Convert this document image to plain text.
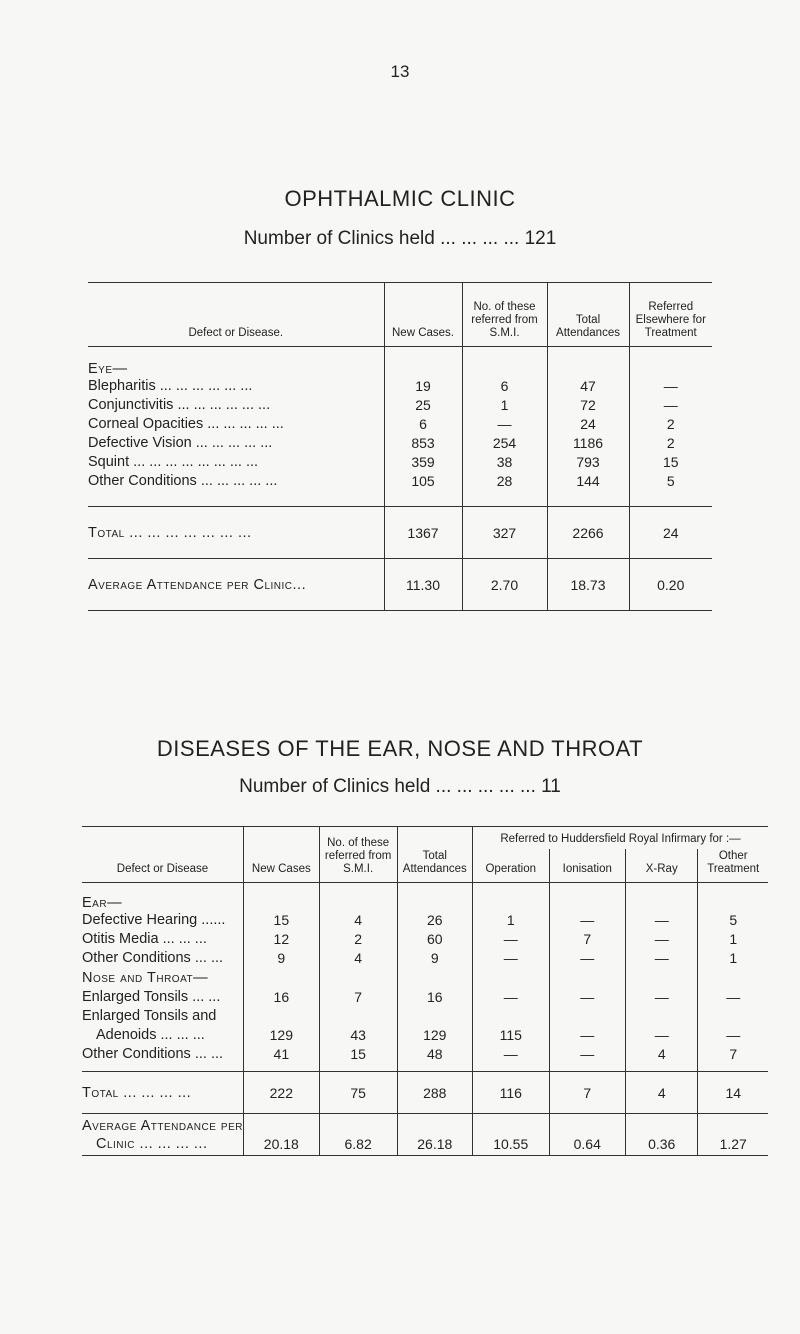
13
OPHTHALMIC CLINIC
Number of Clinics held ... ... ... ... 121
Defect or Disease.	New Cases.	No. of these referred from S.M.I.	Total Attendances	Referred Elsewhere for Treatment
Eye—				
Blepharitis ... ... ... ... ... ...	19	6	47	—
Conjunctivitis ... ... ... ... ... ...	25	1	72	—
Corneal Opacities ... ... ... ... ...	6	—	24	2
Defective Vision ... ... ... ... ...	853	254	1186	2
Squint ... ... ... ... ... ... ... ...	359	38	793	15
Other Conditions ... ... ... ... ...	105	28	144	5

Total ... ... ... ... ... ... ...	1367	327	2266	24
Average Attendance per Clinic...	11.30	2.70	18.73	0.20
DISEASES OF THE EAR, NOSE AND THROAT
Number of Clinics held ... ... ... ... ... 11
Defect or Disease	New Cases	No. of these referred from S.M.I.	Total Attendances	Referred to Huddersfield Royal Infirmary for :—			
				Operation	Ionisation	X-Ray	Other Treatment
Ear—							
Defective Hearing ......	15	4	26	1	—	—	5
Otitis Media ... ... ...	12	2	60	—	7	—	1
Other Conditions ... ...	9	4	9	—	—	—	1
Nose and Throat—							
Enlarged Tonsils ... ...	16	7	16	—	—	—	—
Enlarged Tonsils and							
Adenoids ... ... ...	129	43	129	115	—	—	—
Other Conditions ... ...	41	15	48	—	—	4	7

Total ... ... ... ...	222	75	288	116	7	4	14
Average Attendance per							
Clinic ... ... ... ...	20.18	6.82	26.18	10.55	0.64	0.36	1.27
